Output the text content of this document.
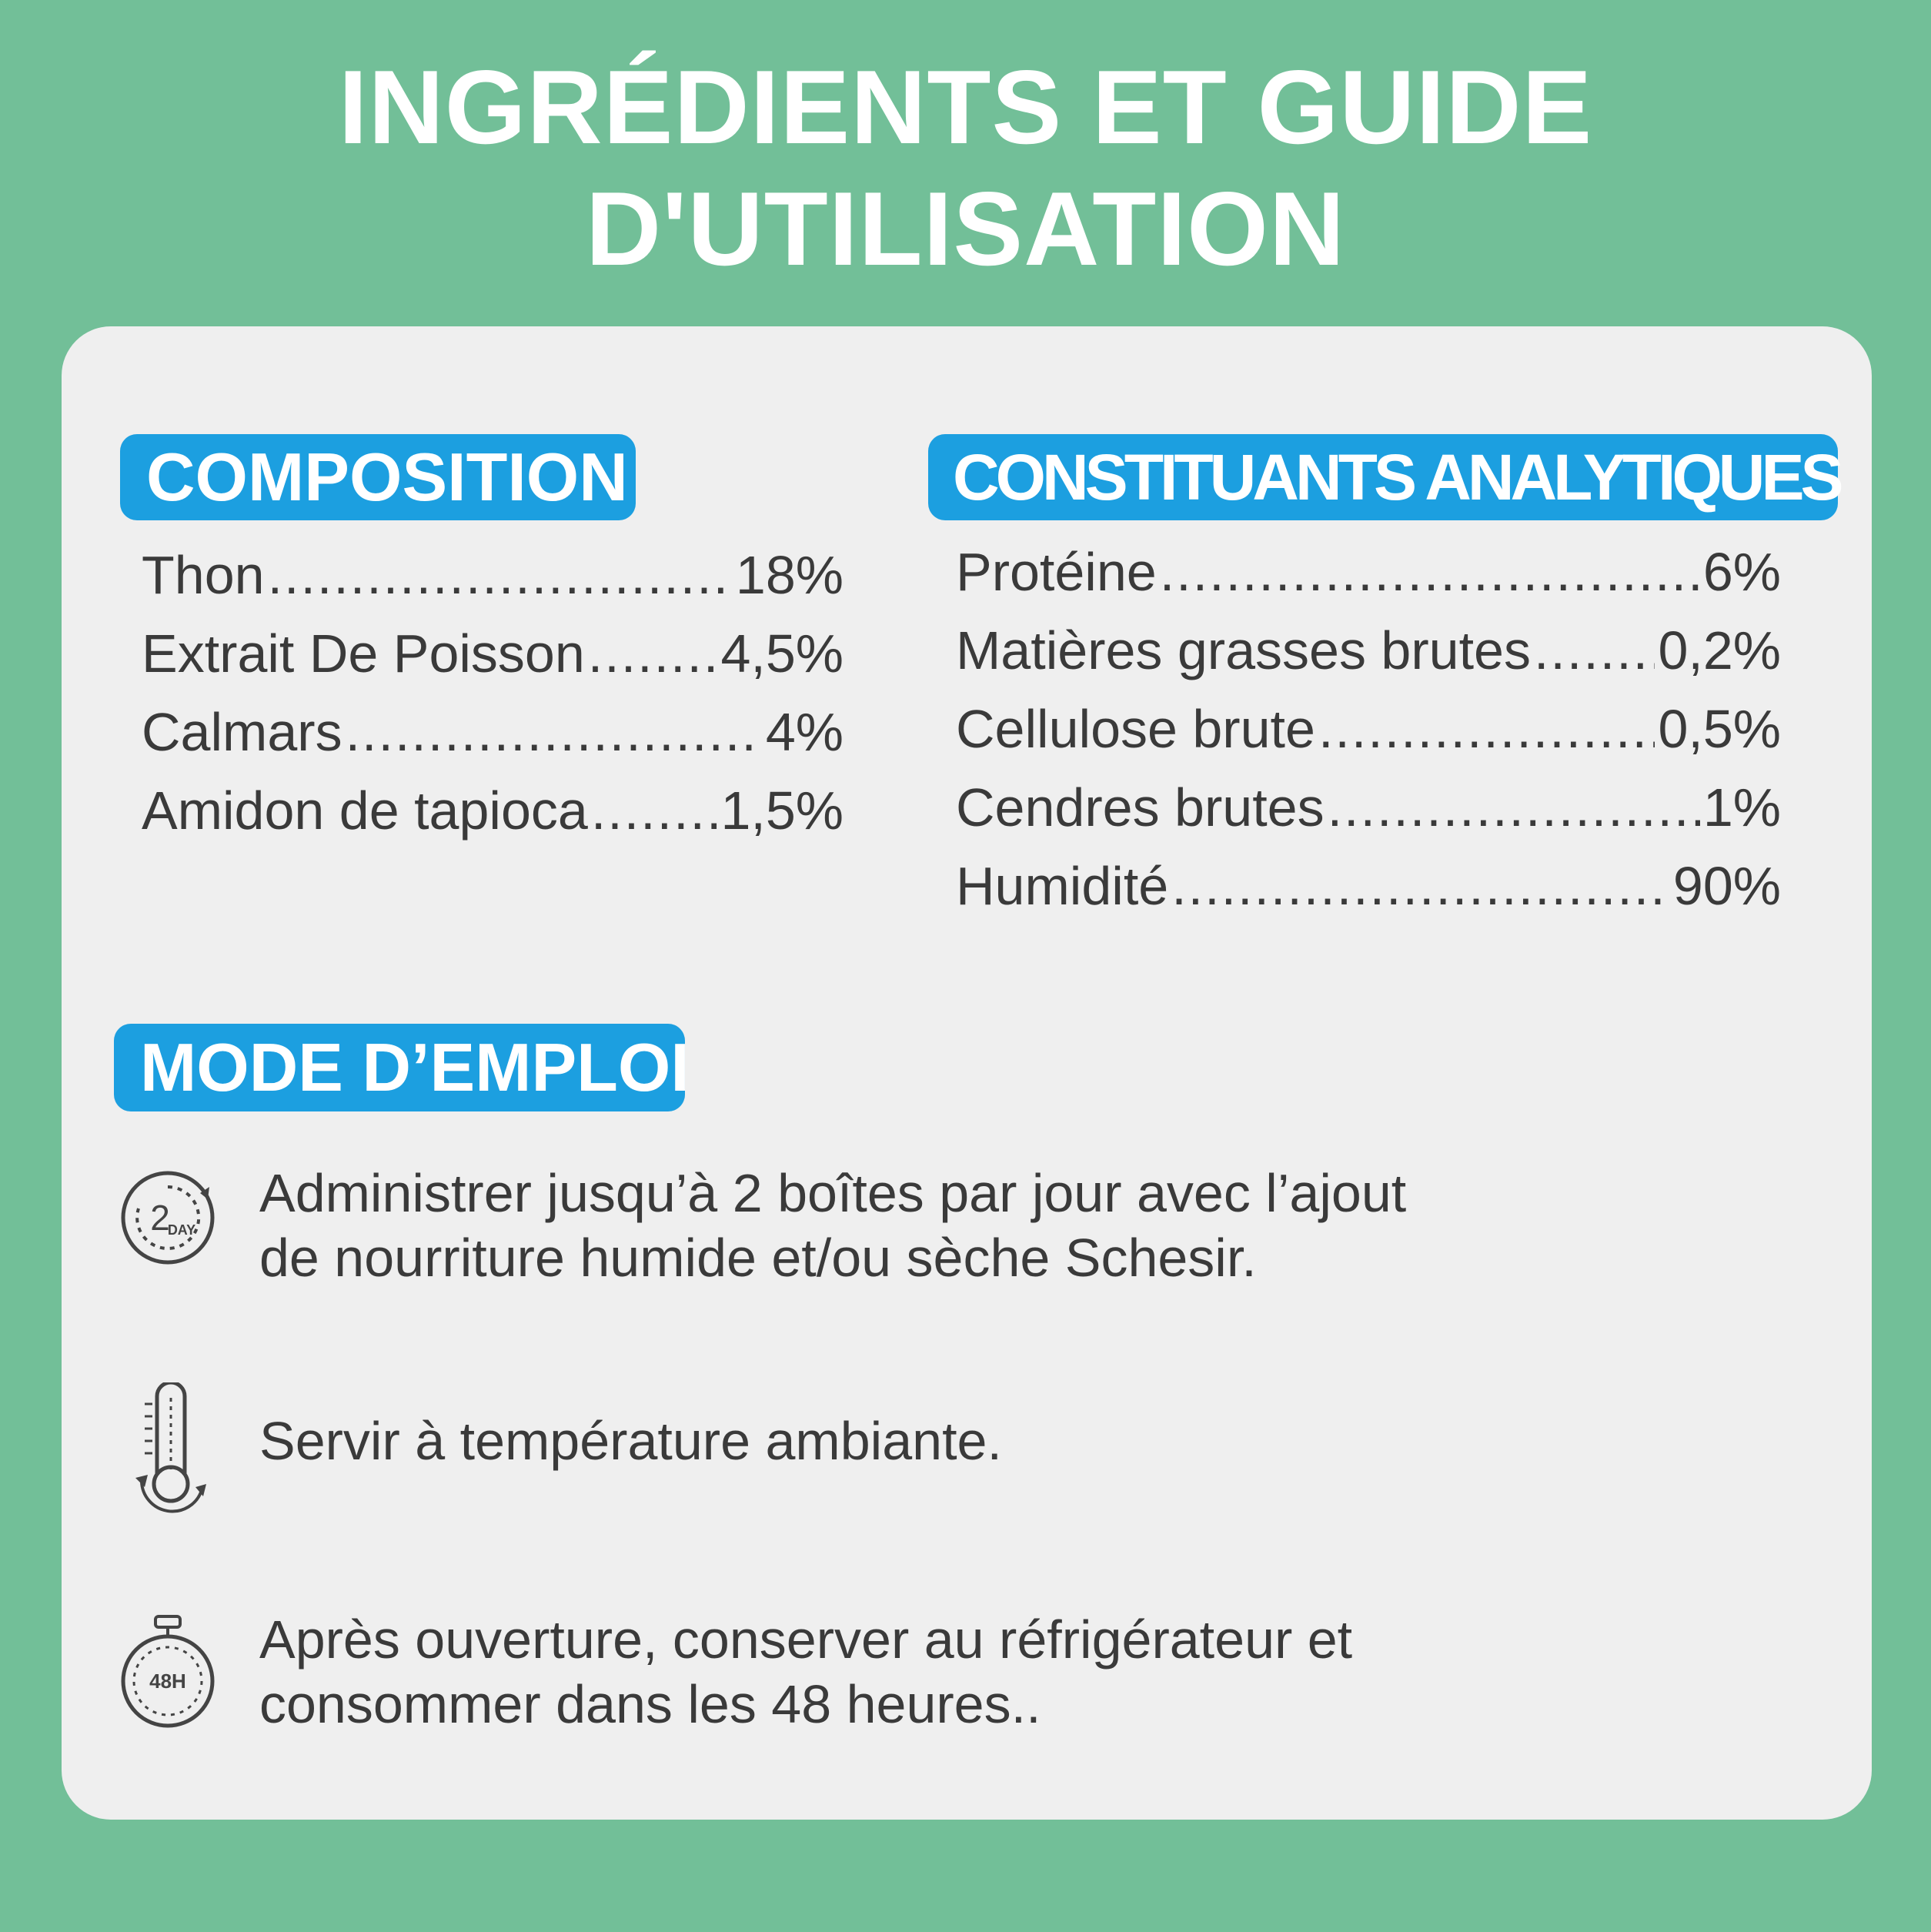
INGRÉDIENTS ET GUIDE
D'UTILISATION
COMPOSITION
Thon .....	18%
Extrait De Poisson .....	4,5%
Calmars .....	4%
Amidon de tapioca ..... 1,5%
CONSTITUANTS ANALYTIQUES
Protéine .....	6%
Matières grasses brutes ..... 0,2%
Cellulose brute .....	0,5%
Cendres brutes .....	1%
Humidité .....	90%
MODE D’EMPLOI
2
DAY
Administrer jusqu’à 2 boîtes par jour avec l’ajout
de nourriture humide et/ou sèche Schesir.
Servir à température ambiante.
48H
Après ouverture, conserver au réfrigérateur et
consommer dans les 48 heures..
